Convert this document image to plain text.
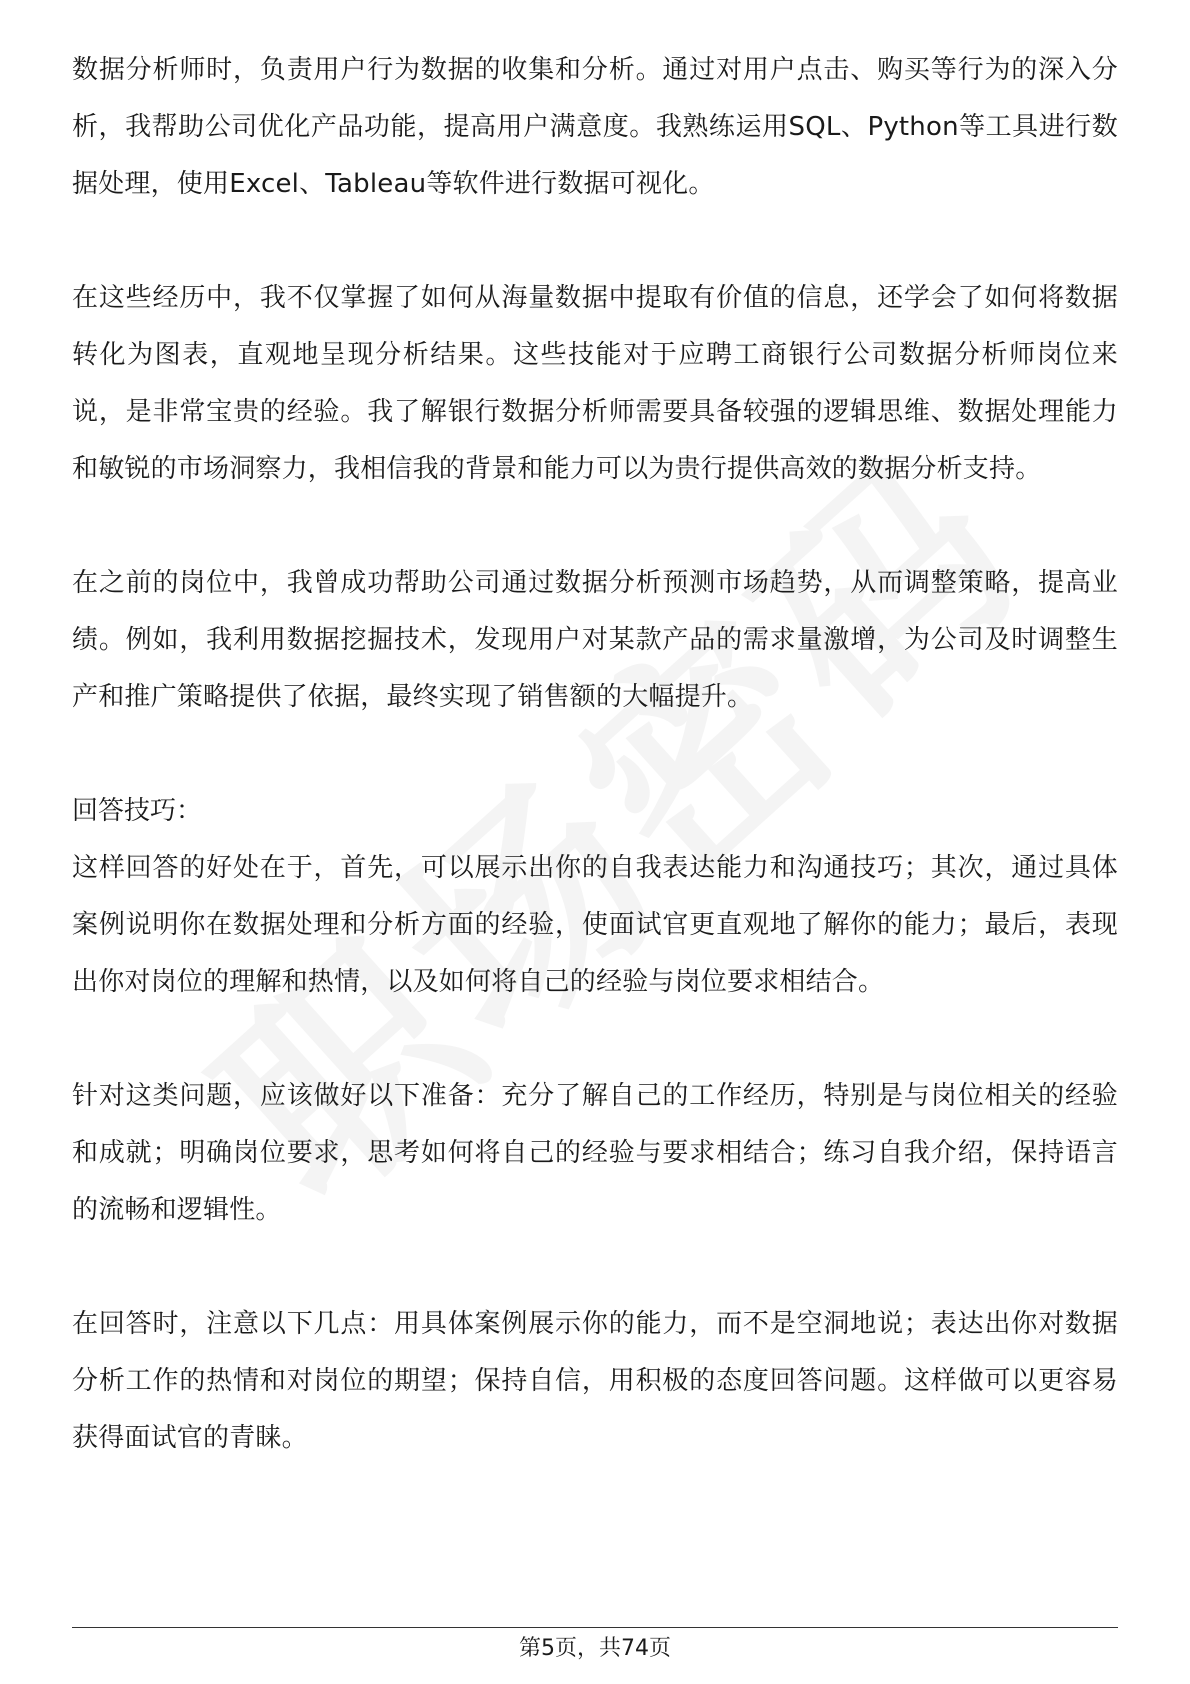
数据分析师时，负责用户行为数据的收集和分析。通过对用户点击、购买等行为的深入分析，我帮助公司优化产品功能，提高用户满意度。我熟练运用SQL、Python等工具进行数据处理，使用Excel、Tableau等软件进行数据可视化。

在这些经历中，我不仅掌握了如何从海量数据中提取有价值的信息，还学会了如何将数据转化为图表，直观地呈现分析结果。这些技能对于应聘工商银行公司数据分析师岗位来说，是非常宝贵的经验。我了解银行数据分析师需要具备较强的逻辑思维、数据处理能力和敏锐的市场洞察力，我相信我的背景和能力可以为贵行提供高效的数据分析支持。

在之前的岗位中，我曾成功帮助公司通过数据分析预测市场趋势，从而调整策略，提高业绩。例如，我利用数据挖掘技术，发现用户对某款产品的需求量激增，为公司及时调整生产和推广策略提供了依据，最终实现了销售额的大幅提升。

回答技巧：

这样回答的好处在于，首先，可以展示出你的自我表达能力和沟通技巧；其次，通过具体案例说明你在数据处理和分析方面的经验，使面试官更直观地了解你的能力；最后，表现出你对岗位的理解和热情，以及如何将自己的经验与岗位要求相结合。

针对这类问题，应该做好以下准备：充分了解自己的工作经历，特别是与岗位相关的经验和成就；明确岗位要求，思考如何将自己的经验与要求相结合；练习自我介绍，保持语言的流畅和逻辑性。

在回答时，注意以下几点：用具体案例展示你的能力，而不是空洞地说；表达出你对数据分析工作的热情和对岗位的期望；保持自信，用积极的态度回答问题。这样做可以更容易获得面试官的青睐。

第5页，共74页
